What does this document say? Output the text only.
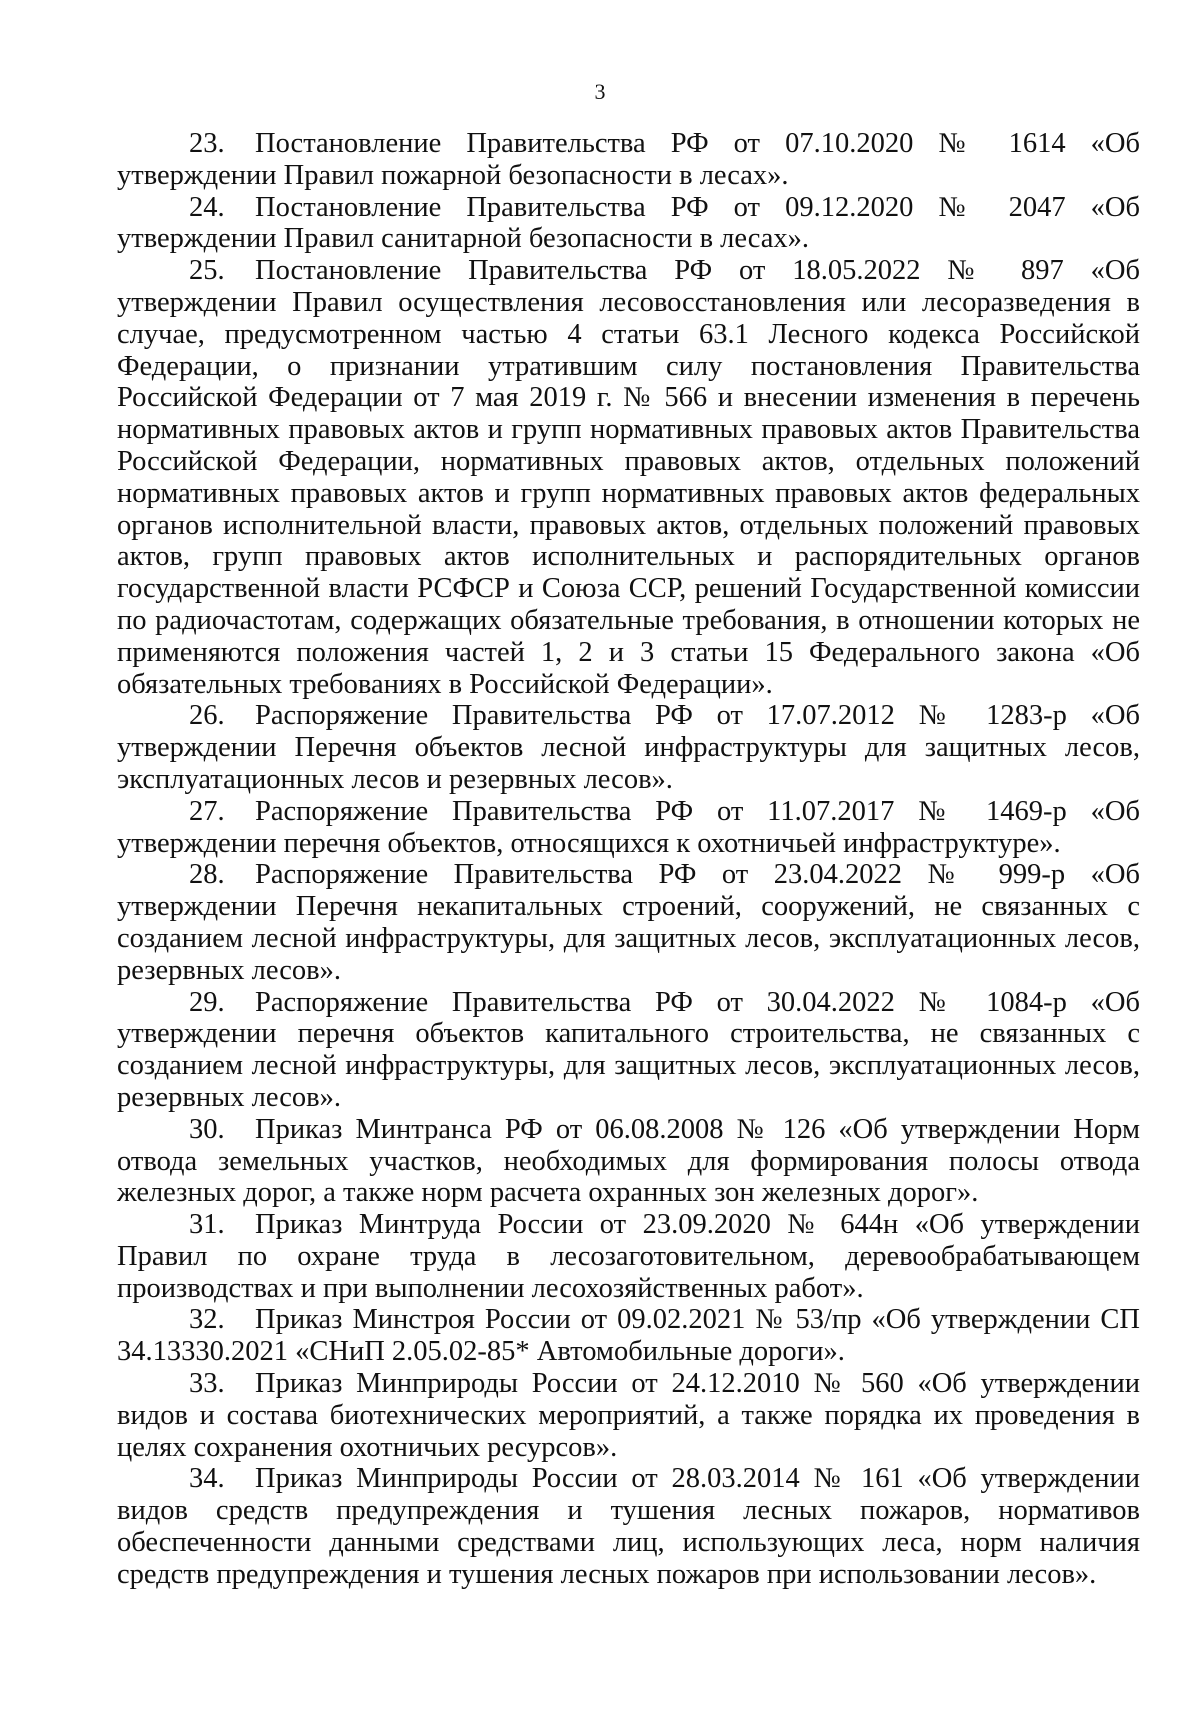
3

23. Постановление Правительства РФ от 07.10.2020 № 1614 «Об утверждении Правил пожарной безопасности в лесах».

24. Постановление Правительства РФ от 09.12.2020 № 2047 «Об утверждении Правил санитарной безопасности в лесах».

25. Постановление Правительства РФ от 18.05.2022 № 897 «Об утверждении Правил осуществления лесовосстановления или лесоразведения в случае, предусмотренном частью 4 статьи 63.1 Лесного кодекса Российской Федерации, о признании утратившим силу постановления Правительства Российской Федерации от 7 мая 2019 г. № 566 и внесении изменения в перечень нормативных правовых актов и групп нормативных правовых актов Правительства Российской Федерации, нормативных правовых актов, отдельных положений нормативных правовых актов и групп нормативных правовых актов федеральных органов исполнительной власти, правовых актов, отдельных положений правовых актов, групп правовых актов исполнительных и распорядительных органов государственной власти РСФСР и Союза ССР, решений Государственной комиссии по радиочастотам, содержащих обязательные требования, в отношении которых не применяются положения частей 1, 2 и 3 статьи 15 Федерального закона «Об обязательных требованиях в Российской Федерации».

26. Распоряжение Правительства РФ от 17.07.2012 № 1283-р «Об утверждении Перечня объектов лесной инфраструктуры для защитных лесов, эксплуатационных лесов и резервных лесов».

27. Распоряжение Правительства РФ от 11.07.2017 № 1469-р «Об утверждении перечня объектов, относящихся к охотничьей инфраструктуре».

28. Распоряжение Правительства РФ от 23.04.2022 № 999-р «Об утверждении Перечня некапитальных строений, сооружений, не связанных с созданием лесной инфраструктуры, для защитных лесов, эксплуатационных лесов, резервных лесов».

29. Распоряжение Правительства РФ от 30.04.2022 № 1084-р «Об утверждении перечня объектов капитального строительства, не связанных с созданием лесной инфраструктуры, для защитных лесов, эксплуатационных лесов, резервных лесов».

30. Приказ Минтранса РФ от 06.08.2008 № 126 «Об утверждении Норм отвода земельных участков, необходимых для формирования полосы отвода железных дорог, а также норм расчета охранных зон железных дорог».

31. Приказ Минтруда России от 23.09.2020 № 644н «Об утверждении Правил по охране труда в лесозаготовительном, деревообрабатывающем производствах и при выполнении лесохозяйственных работ».

32. Приказ Минстроя России от 09.02.2021 № 53/пр «Об утверждении СП 34.13330.2021 «СНиП 2.05.02-85* Автомобильные дороги».

33. Приказ Минприроды России от 24.12.2010 № 560 «Об утверждении видов и состава биотехнических мероприятий, а также порядка их проведения в целях сохранения охотничьих ресурсов».

34. Приказ Минприроды России от 28.03.2014 № 161 «Об утверждении видов средств предупреждения и тушения лесных пожаров, нормативов обеспеченности данными средствами лиц, использующих леса, норм наличия средств предупреждения и тушения лесных пожаров при использовании лесов».
